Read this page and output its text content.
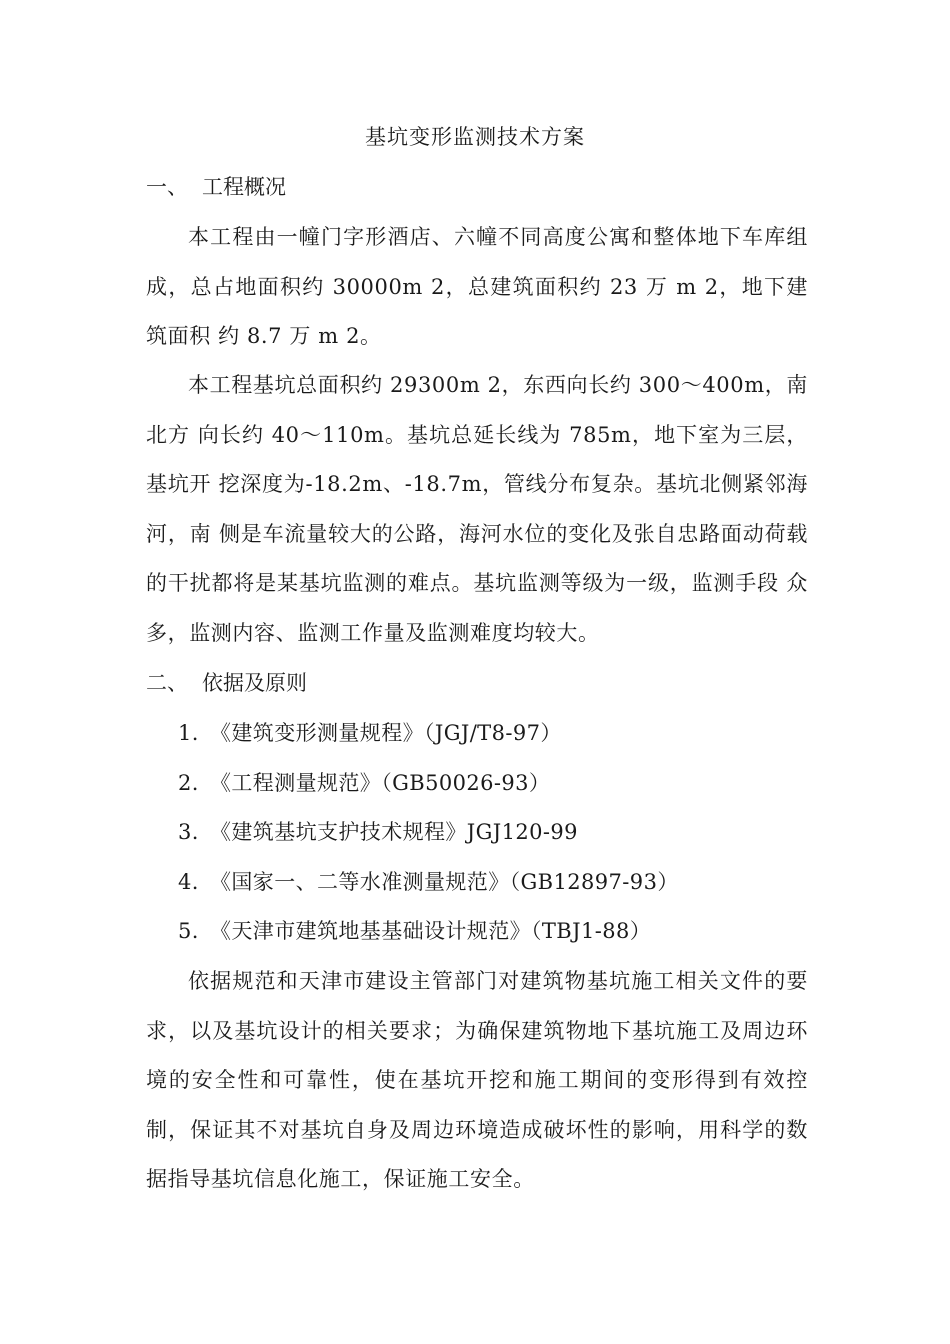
基坑变形监测技术方案
一、 工程概况
本工程由一幢门字形酒店、六幢不同高度公寓和整体地下车库组成，总占地面积约 30000m 2，总建筑面积约 23 万 m 2，地下建筑面积 约 8.7 万 m 2。
本工程基坑总面积约 29300m 2，东西向长约 300～400m，南北方 向长约 40～110m。基坑总延长线为 785m，地下室为三层，基坑开 挖深度为-18.2m、-18.7m，管线分布复杂。基坑北侧紧邻海河，南 侧是车流量较大的公路，海河水位的变化及张自忠路面动荷载的干扰都将是某基坑监测的难点。基坑监测等级为一级，监测手段 众多，监测内容、监测工作量及监测难度均较大。
二、 依据及原则
1. 《建筑变形测量规程》（JGJ/T8-97）
2. 《工程测量规范》（GB50026-93）
3. 《建筑基坑支护技术规程》JGJ120-99
4. 《国家一、二等水准测量规范》（GB12897-93）
5. 《天津市建筑地基基础设计规范》（TBJ1-88）
依据规范和天津市建设主管部门对建筑物基坑施工相关文件的要求，以及基坑设计的相关要求；为确保建筑物地下基坑施工及周边环境的安全性和可靠性，使在基坑开挖和施工期间的变形得到有效控制，保证其不对基坑自身及周边环境造成破坏性的影响，用科学的数据指导基坑信息化施工，保证施工安全。
